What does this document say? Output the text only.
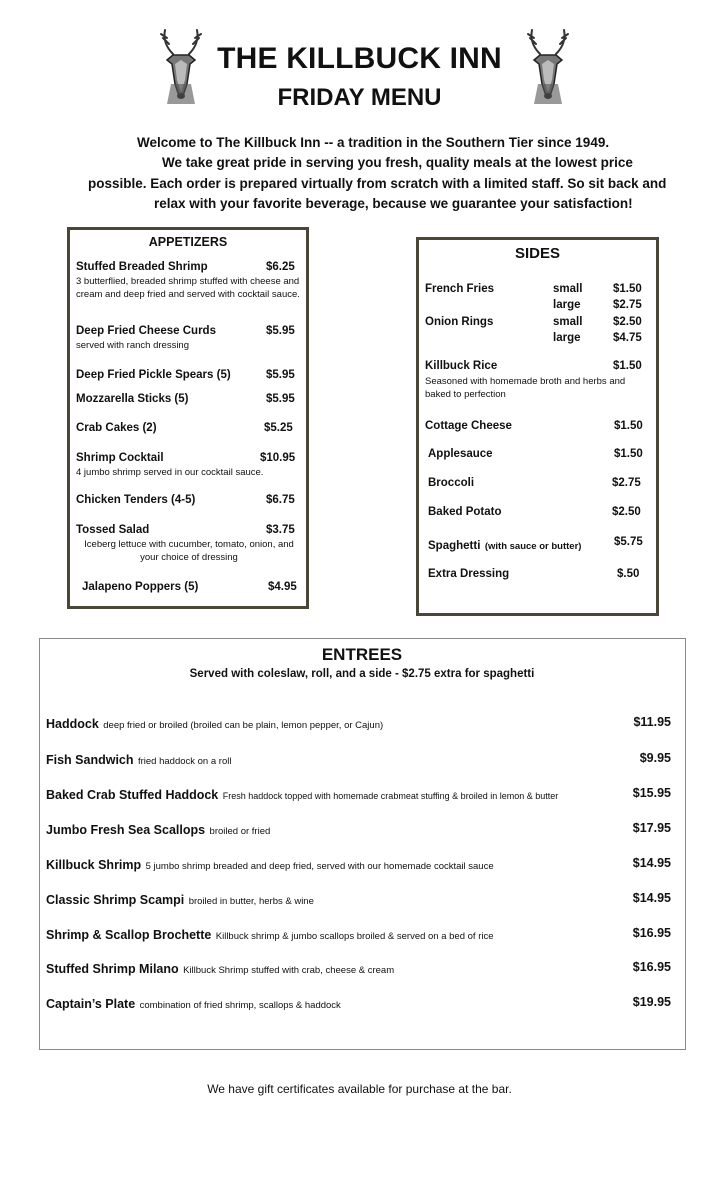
THE KILLBUCK INN
FRIDAY MENU
Welcome to The Killbuck Inn -- a tradition in the Southern Tier since 1949.
We take great pride in serving you fresh, quality meals at the lowest price
possible. Each order is prepared virtually from scratch with a limited staff. So sit back and
relax with your favorite beverage, because we guarantee your satisfaction!
APPETIZERS
Stuffed Breaded Shrimp	$6.25
3 butterflied, breaded shrimp stuffed with cheese and cream and deep fried and served with cocktail sauce.
Deep Fried Cheese Curds	$5.95
served with ranch dressing
Deep Fried Pickle Spears (5)	$5.95
Mozzarella Sticks (5)	$5.95
Crab Cakes (2)	$5.25
Shrimp Cocktail	$10.95
4 jumbo shrimp served in our cocktail sauce.
Chicken Tenders (4-5)	$6.75
Tossed Salad	$3.75
Iceberg lettuce with cucumber, tomato, onion, and your choice of dressing
Jalapeno Poppers (5)	$4.95
SIDES
French Fries	small	$1.50
large	$2.75
Onion Rings	small	$2.50
large	$4.75
Killbuck Rice	$1.50
Seasoned with homemade broth and herbs and baked to perfection
Cottage Cheese	$1.50
Applesauce	$1.50
Broccoli	$2.75
Baked Potato	$2.50
Spaghetti (with sauce or butter)	$5.75
Extra Dressing	$.50
ENTREES
Served with coleslaw, roll, and a side - $2.75 extra for spaghetti
Haddock deep fried or broiled (broiled can be plain, lemon pepper, or Cajun)	$11.95
Fish Sandwich fried haddock on a roll	$9.95
Baked Crab Stuffed Haddock Fresh haddock topped with homemade crabmeat stuffing & broiled in lemon & butter	$15.95
Jumbo Fresh Sea Scallops broiled or fried	$17.95
Killbuck Shrimp 5 jumbo shrimp breaded and deep fried, served with our homemade cocktail sauce	$14.95
Classic Shrimp Scampi broiled in butter, herbs & wine	$14.95
Shrimp & Scallop Brochette Killbuck shrimp & jumbo scallops broiled & served on a bed of rice	$16.95
Stuffed Shrimp Milano Killbuck Shrimp stuffed with crab, cheese & cream	$16.95
Captain’s Plate combination of fried shrimp, scallops & haddock	$19.95
We have gift certificates available for purchase at the bar.
